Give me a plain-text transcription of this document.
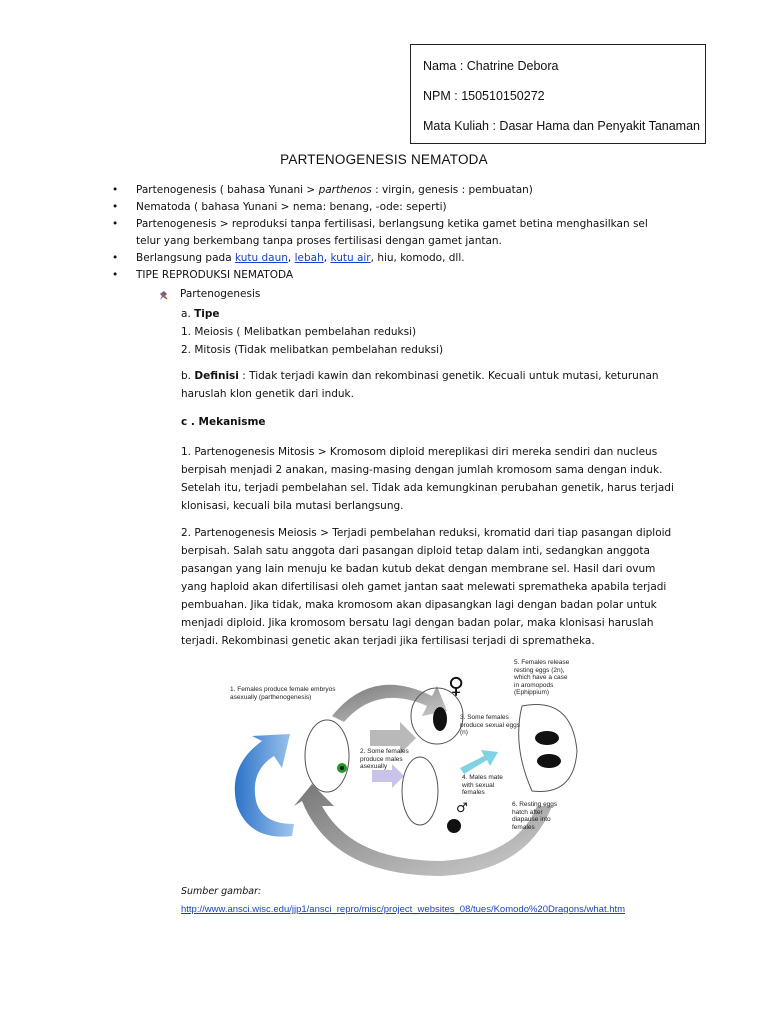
Nama : Chatrine Debora
NPM : 150510150272
Mata Kuliah : Dasar Hama dan Penyakit Tanaman
PARTENOGENESIS NEMATODA
• Partenogenesis ( bahasa Yunani > parthenos : virgin, genesis : pembuatan)
• Nematoda ( bahasa Yunani > nema: benang, -ode: seperti)
• Partenogenesis > reproduksi tanpa fertilisasi, berlangsung ketika gamet betina menghasilkan sel telur yang berkembang tanpa proses fertilisasi dengan gamet jantan.
• Berlangsung pada kutu daun, lebah, kutu air, hiu, komodo, dll.
• TIPE REPRODUKSI NEMATODA
Partenogenesis
a. Tipe
1. Meiosis ( Melibatkan pembelahan reduksi)
2. Mitosis (Tidak melibatkan pembelahan reduksi)
b. Definisi : Tidak terjadi kawin dan rekombinasi genetik. Kecuali untuk mutasi, keturunan haruslah klon genetik dari induk.
c . Mekanisme
1. Partenogenesis Mitosis > Kromosom diploid mereplikasi diri mereka sendiri dan nucleus berpisah menjadi 2 anakan, masing-masing dengan jumlah kromosom sama dengan induk. Setelah itu, terjadi pembelahan sel. Tidak ada kemungkinan perubahan genetik, harus terjadi klonisasi, kecuali bila mutasi berlangsung.
2. Partenogenesis Meiosis > Terjadi pembelahan reduksi, kromatid dari tiap pasangan diploid berpisah. Salah satu anggota dari pasangan diploid tetap dalam inti, sedangkan anggota pasangan yang lain menuju ke badan kutub dekat dengan membrane sel. Hasil dari ovum yang haploid akan difertilisasi oleh gamet jantan saat melewati sprematheka apabila terjadi pembuahan. Jika tidak, maka kromosom akan dipasangkan lagi dengan badan polar untuk menjadi diploid. Jika kromosom bersatu lagi dengan badan polar, maka klonisasi haruslah terjadi. Rekombinasi genetic akan terjadi jika fertilisasi terjadi di sprematheka.
1. Females produce female embryos asexually (parthenogenesis)
2. Some females produce males asexually
3. Some females produce sexual eggs (n)
4. Males mate with sexual females
5. Females release resting eggs (2n), which have a case in aromopods (Ephippium)
6. Resting eggs hatch after diapause into females
♀
♂
Sumber gambar:
http://www.ansci.wisc.edu/jjp1/ansci_repro/misc/project_websites_08/tues/Komodo%20Dragons/what.htm
